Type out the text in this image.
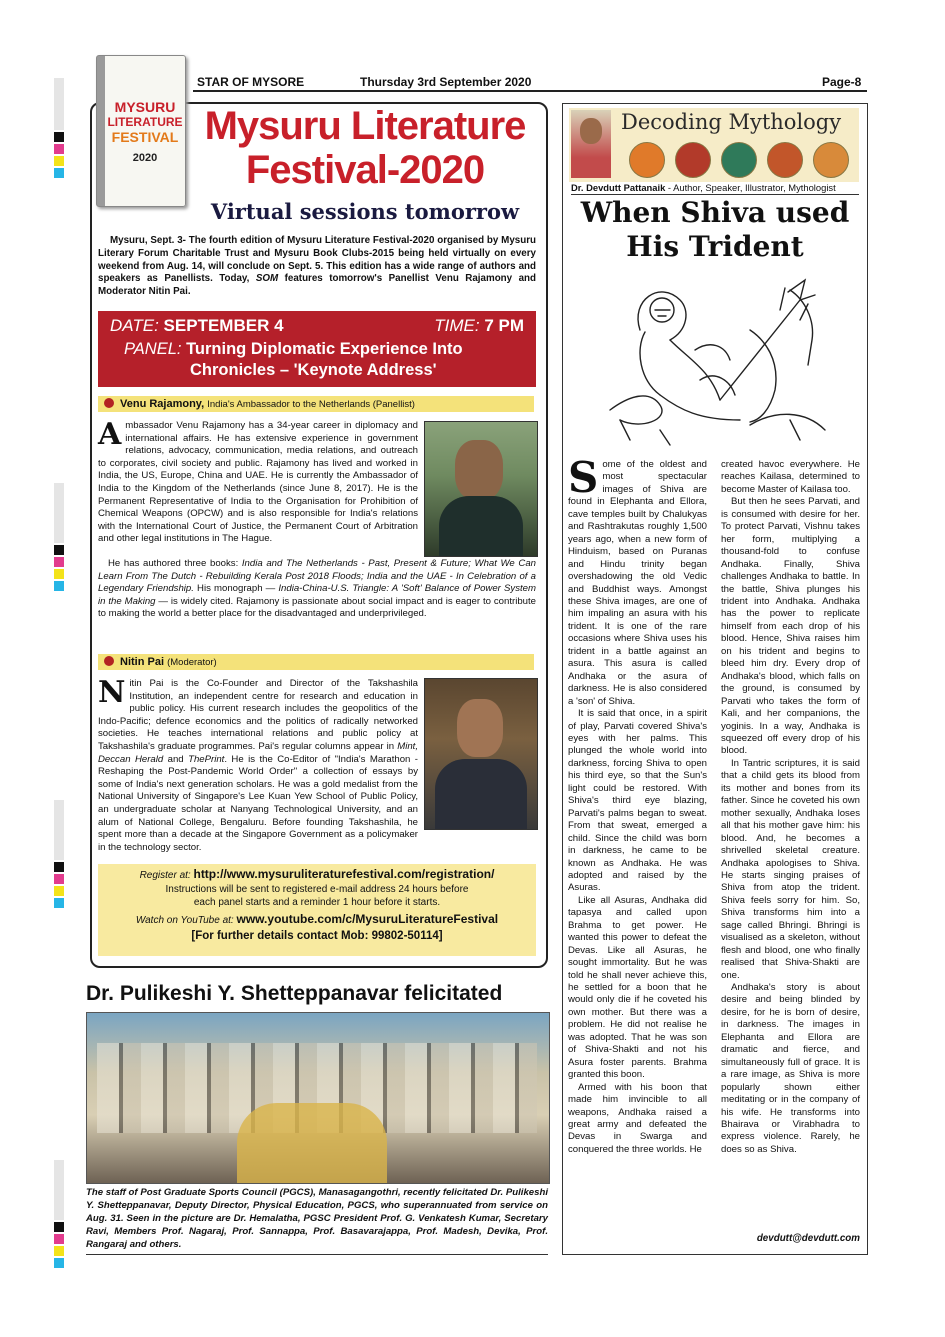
STAR OF MYSORE	Thursday 3rd September 2020	Page-8
MYSURU
LITERATURE
FESTIVAL
2020
Mysuru Literature
Festival-2020
Virtual sessions tomorrow
Mysuru, Sept. 3- The fourth edition of Mysuru Literature Festival-2020 organised by Mysuru Literary Forum Charitable Trust and Mysuru Book Clubs-2015 being held virtually on every weekend from Aug. 14, will conclude on Sept. 5. This edition has a wide range of authors and speakers as Panellists. Today, SOM features tomorrow's Panellist Venu Rajamony and Moderator Nitin Pai.
DATE: SEPTEMBER 4	TIME: 7 PM
PANEL: Turning Diplomatic Experience Into
Chronicles – 'Keynote Address'
Venu Rajamony, India's Ambassador to the Netherlands (Panellist)
Ambassador Venu Rajamony has a 34-year career in diplomacy and international affairs. He has extensive experience in government relations, advocacy, communication, media relations, and outreach to corporates, civil society and public. Rajamony has lived and worked in India, the US, Europe, China and UAE. He is currently the Ambassador of India to the Kingdom of the Netherlands (since June 8, 2017). He is the Permanent Representative of India to the Organisation for Prohibition of Chemical Weapons (OPCW) and is also responsible for India's relations with the International Court of Justice, the Permanent Court of Arbitration and other legal institutions in The Hague.
He has authored three books: India and The Netherlands - Past, Present & Future; What We Can Learn From The Dutch - Rebuilding Kerala Post 2018 Floods; India and the UAE - In Celebration of a Legendary Friendship. His monograph — India-China-U.S. Triangle: A 'Soft' Balance of Power System in the Making — is widely cited. Rajamony is passionate about social impact and is eager to contribute to making the world a better place for the disadvantaged and underprivileged.
Nitin Pai (Moderator)
Nitin Pai is the Co-Founder and Director of the Takshashila Institution, an independent centre for research and education in public policy. His current research includes the geopolitics of the Indo-Pacific; defence economics and the politics of radically networked societies. He teaches international relations and public policy at Takshashila's graduate programmes. Pai's regular columns appear in Mint, Deccan Herald and ThePrint. He is the Co-Editor of "India's Marathon - Reshaping the Post-Pandemic World Order" a collection of essays by some of India's next generation scholars. He was a gold medalist from the National University of Singapore's Lee Kuan Yew School of Public Policy, an undergraduate scholar at Nanyang Technological University, and an alum of National College, Bengaluru. Before founding Takshashila, he spent more than a decade at the Singapore Government as a policymaker in the technology sector.
Register at: http://www.mysuruliteraturefestival.com/registration/
Instructions will be sent to registered e-mail address 24 hours before
each panel starts and a reminder 1 hour before it starts.
Watch on YouTube at: www.youtube.com/c/MysuruLiteratureFestival
[For further details contact Mob: 99802-50114]
Dr. Pulikeshi Y. Shetteppanavar felicitated
The staff of Post Graduate Sports Council (PGCS), Manasagangothri, recently felicitated Dr. Pulikeshi Y. Shetteppanavar, Deputy Director, Physical Education, PGCS, who superannuated from service on Aug. 31. Seen in the picture are Dr. Hemalatha, PGSC President Prof. G. Venkatesh Kumar, Secretary Ravi, Members Prof. Nagaraj, Prof. Sannappa, Prof. Basavarajappa, Prof. Madesh, Devika, Prof. Rangaraj and others.
Decoding Mythology
Dr. Devdutt Pattanaik - Author, Speaker, Illustrator, Mythologist
When Shiva used
His Trident
Some of the oldest and most spectacular images of Shiva are found in Elephanta and Ellora, cave temples built by Chalukyas and Rashtrakutas roughly 1,500 years ago, when a new form of Hinduism, based on Puranas and Hindu trinity began overshadowing the old Vedic and Buddhist ways. Amongst these Shiva images, are one of him impaling an asura with his trident. It is one of the rare occasions where Shiva uses his trident in a battle against an asura. This asura is called Andhaka or the asura of darkness. He is also considered a 'son' of Shiva.

It is said that once, in a spirit of play, Parvati covered Shiva's eyes with her palms. This plunged the whole world into darkness, forcing Shiva to open his third eye, so that the Sun's light could be restored. With Shiva's third eye blazing, Parvati's palms began to sweat. From that sweat, emerged a child. Since the child was born in darkness, he came to be known as Andhaka. He was adopted and raised by the Asuras.

Like all Asuras, Andhaka did tapasya and called upon Brahma to get power. He wanted this power to defeat the Devas. Like all Asuras, he sought immortality. But he was told he shall never achieve this, he settled for a boon that he would only die if he coveted his own mother. But there was a problem. He did not realise he was adopted. That he was son of Shiva-Shakti and not his Asura foster parents. Brahma granted this boon.

Armed with his boon that made him invincible to all weapons, Andhaka raised a great army and defeated the Devas in Swarga and conquered the three worlds. He

created havoc everywhere. He reaches Kailasa, determined to become Master of Kailasa too.

But then he sees Parvati, and is consumed with desire for her. To protect Parvati, Vishnu takes her form, multiplying a thousand-fold to confuse Andhaka. Finally, Shiva challenges Andhaka to battle. In the battle, Shiva plunges his trident into Andhaka. Andhaka has the power to replicate himself from each drop of his blood. Hence, Shiva raises him on his trident and begins to bleed him dry. Every drop of Andhaka's blood, which falls on the ground, is consumed by Parvati who takes the form of Kali, and her companions, the yoginis. In a way, Andhaka is squeezed off every drop of his blood.

In Tantric scriptures, it is said that a child gets its blood from its mother and bones from its father. Since he coveted his own mother sexually, Andhaka loses all that his mother gave him: his blood. And, he becomes a shrivelled skeletal creature. Andhaka apologises to Shiva. He starts singing praises of Shiva from atop the trident. Shiva feels sorry for him. So, Shiva transforms him into a sage called Bhringi. Bhringi is visualised as a skeleton, without flesh and blood, one who finally realised that Shiva-Shakti are one.

Andhaka's story is about desire and being blinded by desire, for he is born of desire, in darkness. The images in Elephanta and Ellora are dramatic and fierce, and simultaneously full of grace. It is a rare image, as Shiva is more popularly shown either meditating or in the company of his wife. He transforms into Bhairava or Virabhadra to express violence. Rarely, he does so as Shiva.

devdutt@devdutt.com
